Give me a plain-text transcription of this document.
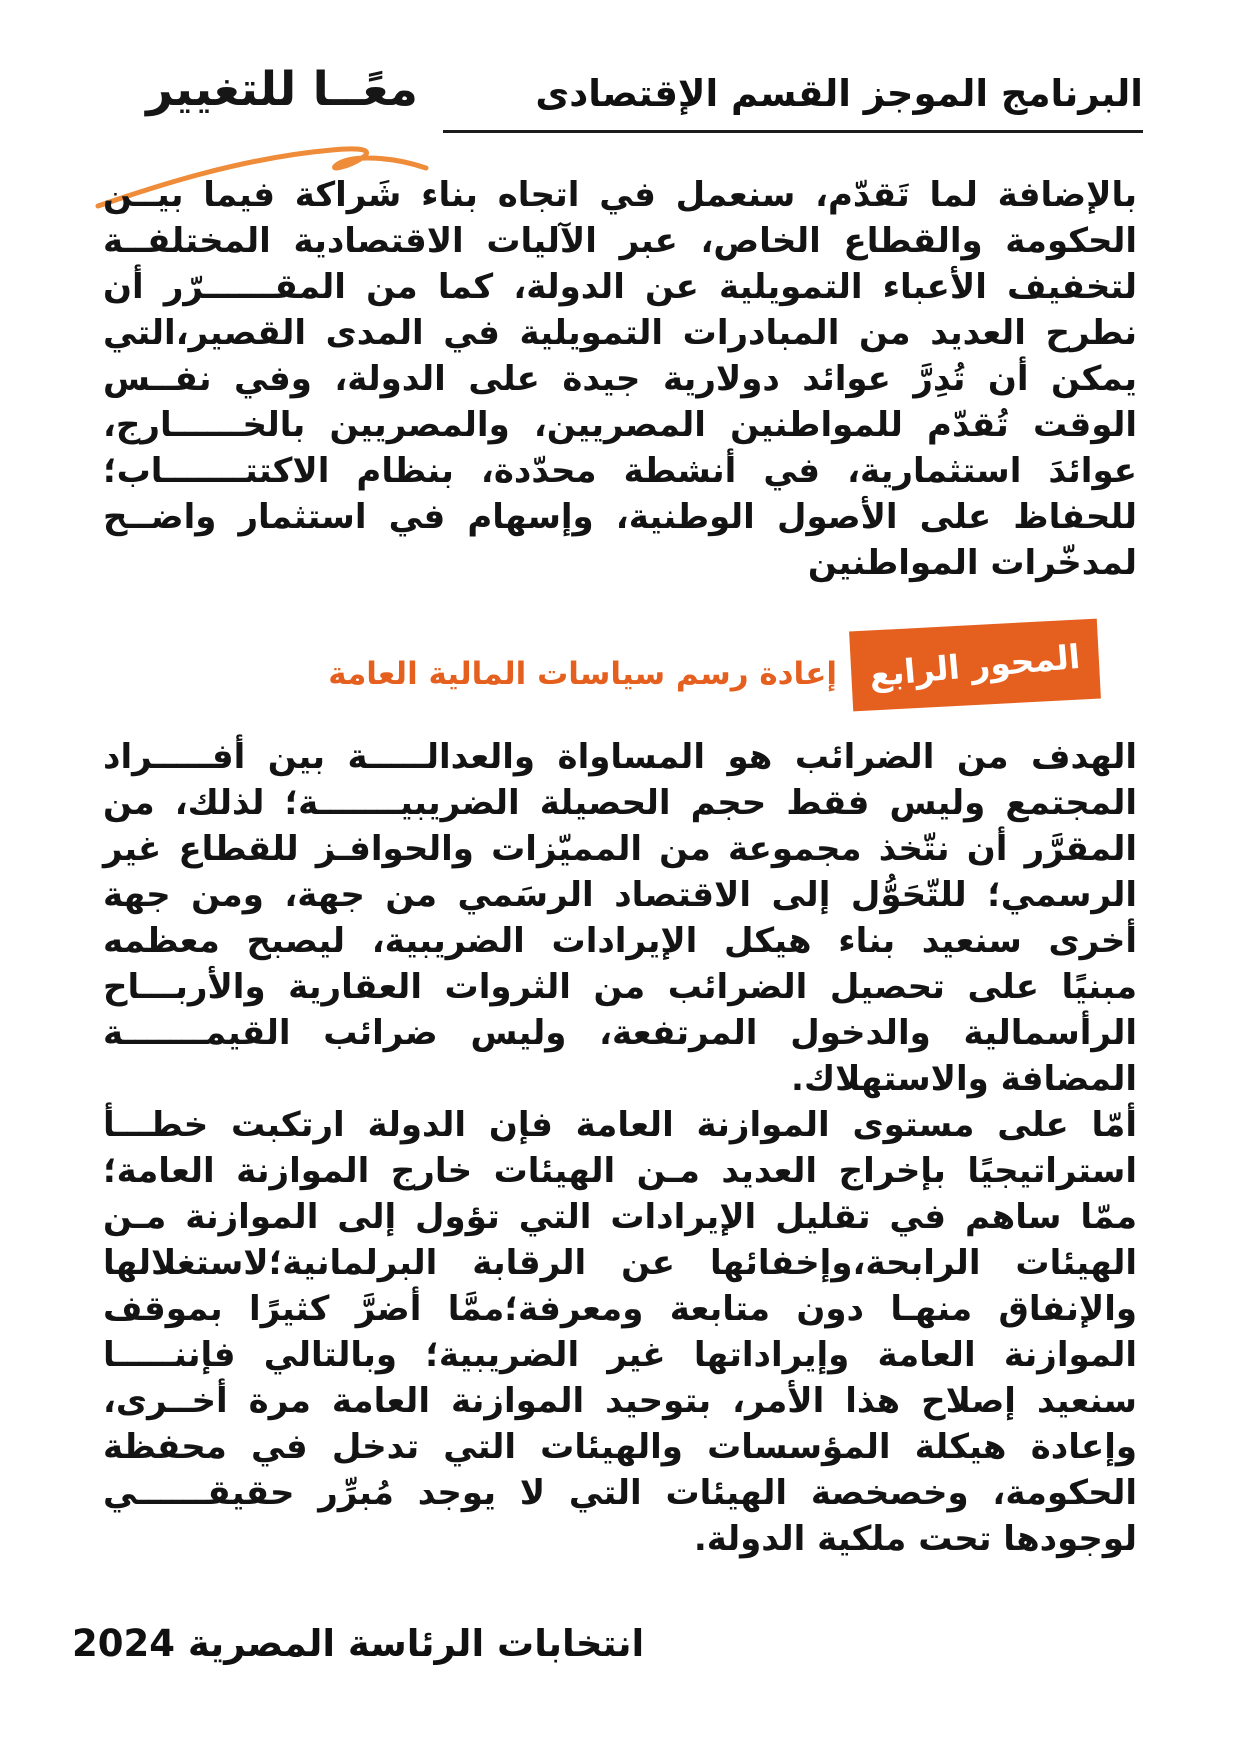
البرنامج الموجز القسم الإقتصادى
معًــا للتغيير
بالإضافة لما تَقدّم، سنعمل في اتجاه بناء شَراكة فيما بيــن
الحكومة والقطاع الخاص، عبر الآليات الاقتصادية المختلفــة
لتخفيف الأعباء التمويلية عن الدولة، كما من المقــــــرّر أن
نطرح العديد من المبادرات التمويلية في المدى القصير،التي
يمكن أن تُدِرَّ عوائد دولارية جيدة على الدولة، وفي نفــس
الوقت تُقدّم للمواطنين المصريين، والمصريين بالخــــــارج،
عوائدَ استثمارية، في أنشطة محدّدة، بنظام الاكتتـــــــاب؛
للحفاظ على الأصول الوطنية، وإسهام في استثمار واضــح
لمدخّرات المواطنين
المحور الرابع
إعادة رسم سياسات المالية العامة
الهدف من الضرائب هو المساواة والعدالـــــة بين أفـــــراد
المجتمع وليس فقط حجم الحصيلة الضريبيـــــــة؛ لذلك، من
المقرَّر أن نتّخذ مجموعة من المميّزات والحوافـز للقطاع غير
الرسمي؛ للتّحَوُّل إلى الاقتصاد الرسَمي من جهة، ومن جهة
أخرى سنعيد بناء هيكل الإيرادات الضريبية، ليصبح معظمه
مبنيًا على تحصيل الضرائب من الثروات العقارية والأربـــاح
الرأسمالية والدخول المرتفعة، وليس ضرائب القيمـــــــة
المضافة والاستهلاك.
أمّا على مستوى الموازنة العامة فإن الدولة ارتكبت خطـــأ
استراتيجيًا بإخراج العديد مـن الهيئات خارج الموازنة العامة؛
ممّا ساهم في تقليل الإيرادات التي تؤول إلى الموازنة مـن
الهيئات الرابحة،وإخفائها عن الرقابة البرلمانية؛لاستغلالها
والإنفاق منهـا دون متابعة ومعرفة؛ممَّا أضرَّ كثيرًا بموقف
الموازنة العامة وإيراداتها غير الضريبية؛ وبالتالي فإننـــــا
سنعيد إصلاح هذا الأمر، بتوحيد الموازنة العامة مرة أخــرى،
وإعادة هيكلة المؤسسات والهيئات التي تدخل في محفظة
الحكومة، وخصخصة الهيئات التي لا يوجد مُبرِّر حقيقــــــي
لوجودها تحت ملكية الدولة.
انتخابات الرئاسة المصرية 2024
